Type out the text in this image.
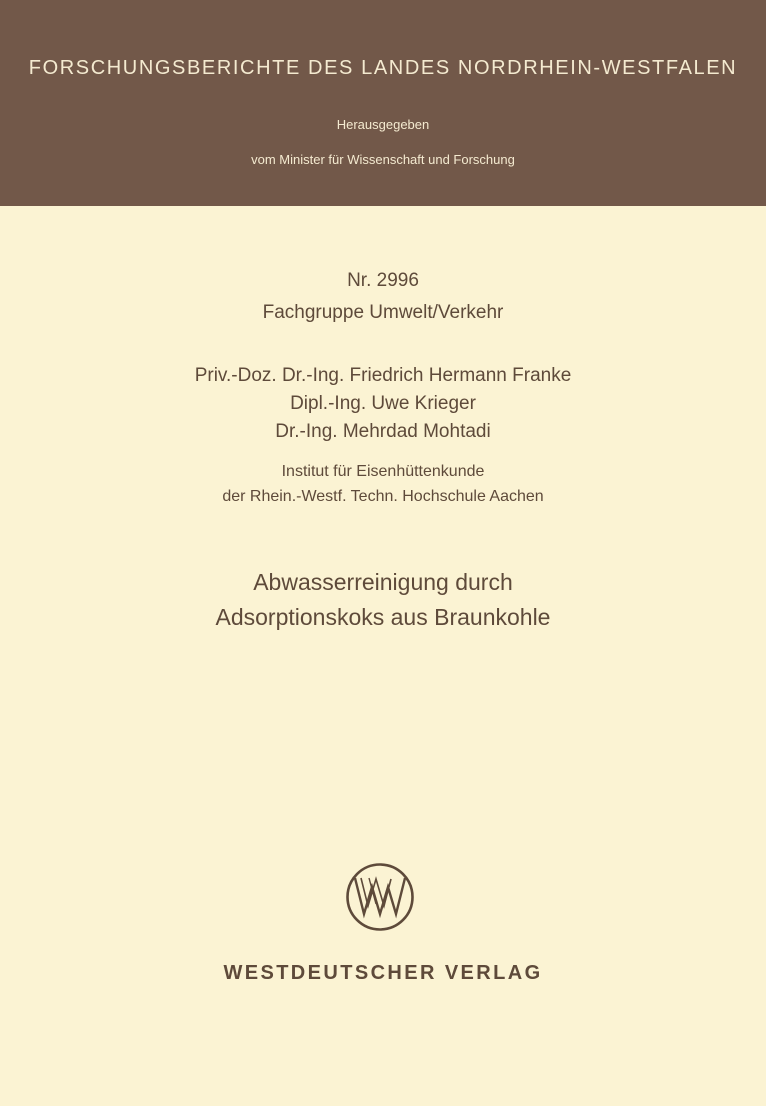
FORSCHUNGSBERICHTE DES LANDES NORDRHEIN-WESTFALEN
Herausgegeben
vom Minister für Wissenschaft und Forschung
Nr. 2996
Fachgruppe Umwelt/Verkehr
Priv.-Doz. Dr.-Ing. Friedrich Hermann Franke
Dipl.-Ing. Uwe Krieger
Dr.-Ing. Mehrdad Mohtadi
Institut für Eisenhüttenkunde
der Rhein.-Westf. Techn. Hochschule Aachen
Abwasserreinigung durch
Adsorptionskoks aus Braunkohle
WESTDEUTSCHER VERLAG
